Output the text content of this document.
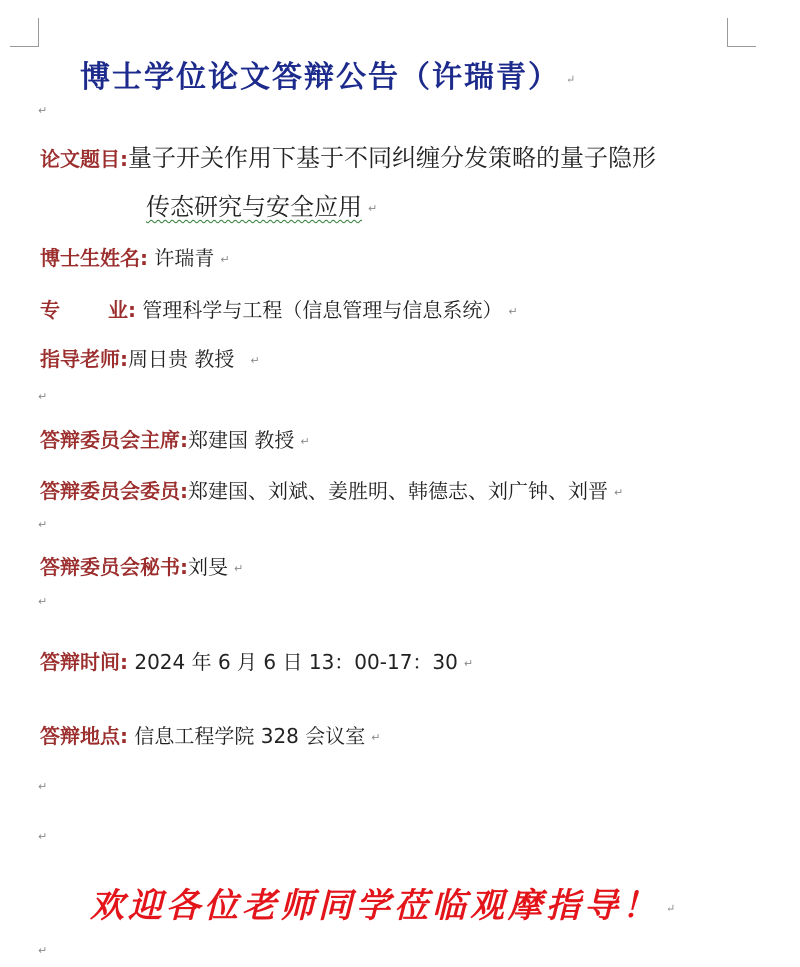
博士学位论文答辩公告（许瑞青） ↵
↵
论文题目:量子开关作用下基于不同纠缠分发策略的量子隐形
传态研究与安全应用 ↵
博士生姓名: 许瑞青 ↵
专 业: 管理科学与工程（信息管理与信息系统） ↵
指导老师:周日贵 教授 ↵
↵
答辩委员会主席:郑建国 教授 ↵
答辩委员会委员:郑建国、刘斌、姜胜明、韩德志、刘广钟、刘晋 ↵
↵
答辩委员会秘书:刘旻 ↵
↵
答辩时间: 2024 年 6 月 6 日 13：00-17：30 ↵
答辩地点: 信息工程学院 328 会议室 ↵
↵
↵
欢迎各位老师同学莅临观摩指导！ ↵
↵
